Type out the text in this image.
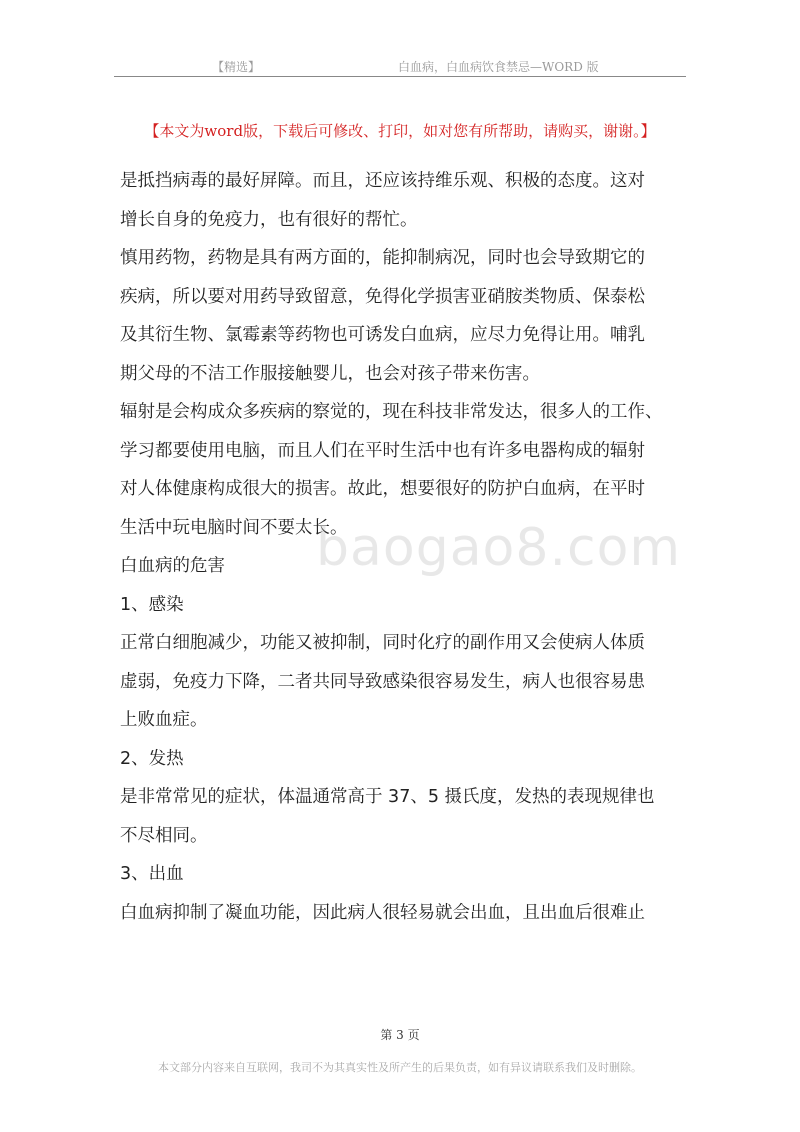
【精选】	白血病，白血病饮食禁忌—WORD 版
【本文为word版，下载后可修改、打印，如对您有所帮助，请购买，谢谢。】

是抵挡病毒的最好屏障。而且，还应该持维乐观、积极的态度。这对

增长自身的免疫力，也有很好的帮忙。

慎用药物，药物是具有两方面的，能抑制病况，同时也会导致期它的

疾病，所以要对用药导致留意，免得化学损害亚硝胺类物质、保泰松

及其衍生物、氯霉素等药物也可诱发白血病，应尽力免得让用。哺乳

期父母的不洁工作服接触婴儿，也会对孩子带来伤害。

辐射是会构成众多疾病的察觉的，现在科技非常发达，很多人的工作、

学习都要使用电脑，而且人们在平时生活中也有许多电器构成的辐射

对人体健康构成很大的损害。故此，想要很好的防护白血病，在平时

生活中玩电脑时间不要太长。

白血病的危害

1、感染

正常白细胞减少，功能又被抑制，同时化疗的副作用又会使病人体质

虚弱，免疫力下降，二者共同导致感染很容易发生，病人也很容易患

上败血症。

2、发热

是非常常见的症状，体温通常高于 37、5 摄氏度，发热的表现规律也

不尽相同。

3、出血

白血病抑制了凝血功能，因此病人很轻易就会出血，且出血后很难止

baogao8.com
第 3 页
本文部分内容来自互联网，我司不为其真实性及所产生的后果负责，如有异议请联系我们及时删除。
